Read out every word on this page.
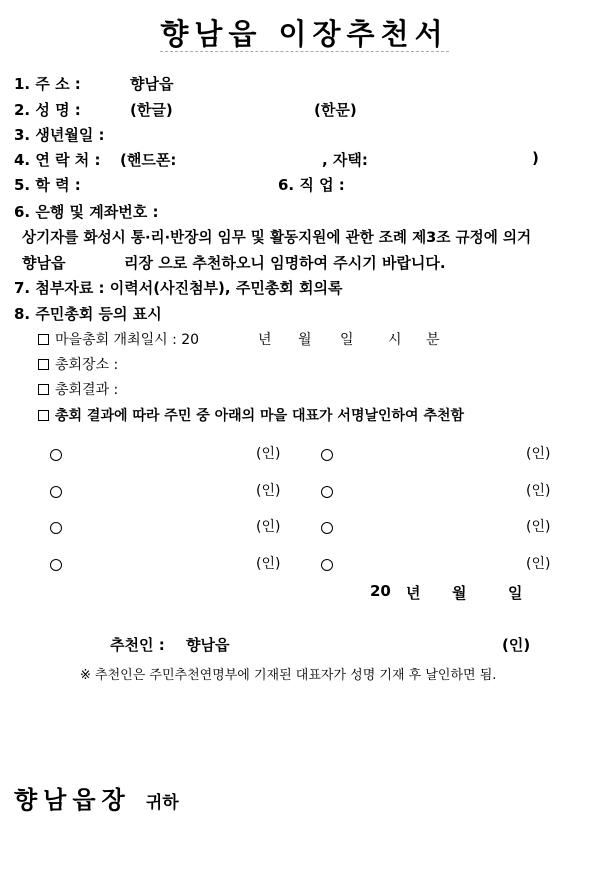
향남읍 이장추천서
1. 주 소 :	향남읍
2. 성 명 :	(한글)	(한문)
3. 생년월일 :
4. 연 락 처 : (핸드폰:	, 자택:	)
5. 학 력 :	6. 직 업 :
6. 은행 및 계좌번호 :
상기자를 화성시 통·리·반장의 임무 및 활동지원에 관한 조례 제3조 규정에 의거
향남읍	리장 으로 추천하오니 임명하여 주시기 바랍니다.
7. 첨부자료 : 이력서(사진첨부), 주민총회 회의록
8. 주민총회 등의 표시
마을총회 개최일시 : 20	년 월 일 시 분
총회장소 :
총회결과 :
총회 결과에 따라 주민 중 아래의 마을 대표가 서명날인하여 추천함
(인)	(인)
(인)	(인)
(인)	(인)
(인)	(인)
20 년 월	일
추천인 : 향남읍	(인)
※ 추천인은 주민추천연명부에 기재된 대표자가 성명 기재 후 날인하면 됨.
향남읍장 귀하
